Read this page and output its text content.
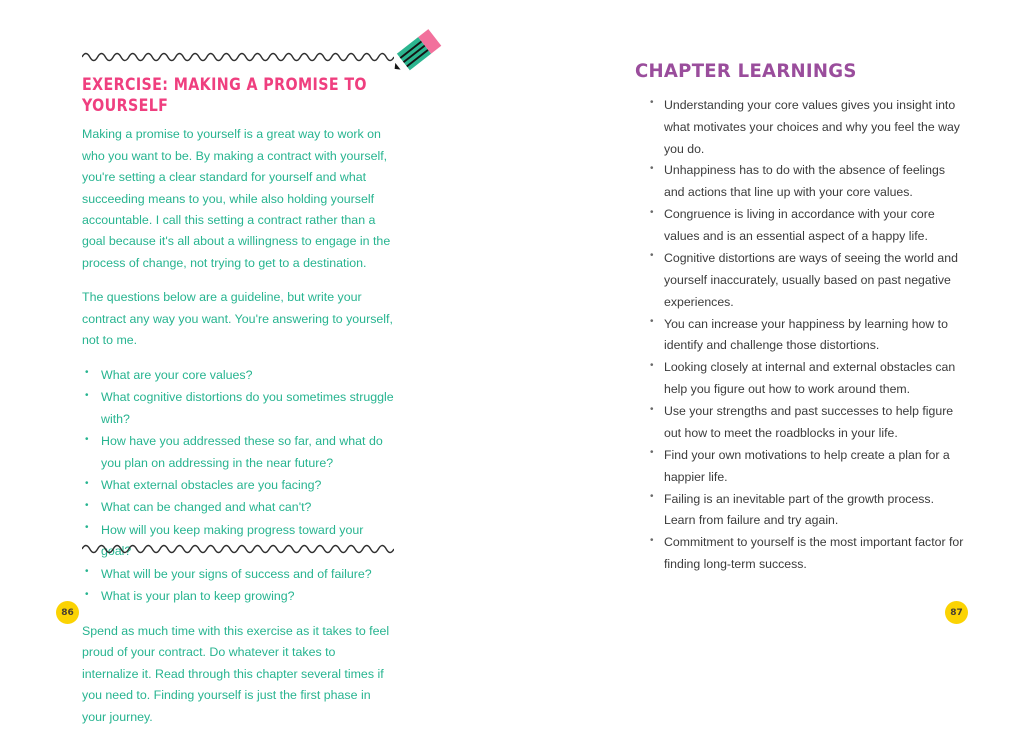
EXERCISE: MAKING A PROMISE TO YOURSELF

Making a promise to yourself is a great way to work on who you want to be. By making a contract with yourself, you're setting a clear standard for yourself and what succeeding means to you, while also holding yourself accountable. I call this setting a contract rather than a goal because it's all about a willingness to engage in the process of change, not trying to get to a destination.

The questions below are a guideline, but write your contract any way you want. You're answering to yourself, not to me.

• What are your core values?
• What cognitive distortions do you sometimes struggle with?
• How have you addressed these so far, and what do you plan on addressing in the near future?
• What external obstacles are you facing?
• What can be changed and what can't?
• How will you keep making progress toward your goal?
• What will be your signs of success and of failure?
• What is your plan to keep growing?

Spend as much time with this exercise as it takes to feel proud of your contract. Do whatever it takes to internalize it. Read through this chapter several times if you need to. Finding yourself is just the first phase in your journey.

CHAPTER LEARNINGS
• Understanding your core values gives you insight into what motivates your choices and why you feel the way you do.
• Unhappiness has to do with the absence of feelings and actions that line up with your core values.
• Congruence is living in accordance with your core values and is an essential aspect of a happy life.
• Cognitive distortions are ways of seeing the world and yourself inaccurately, usually based on past negative experiences.
• You can increase your happiness by learning how to identify and challenge those distortions.
• Looking closely at internal and external obstacles can help you figure out how to work around them.
• Use your strengths and past successes to help figure out how to meet the roadblocks in your life.
• Find your own motivations to help create a plan for a happier life.
• Failing is an inevitable part of the growth process. Learn from failure and try again.
• Commitment to yourself is the most important factor for finding long-term success.
86	87
